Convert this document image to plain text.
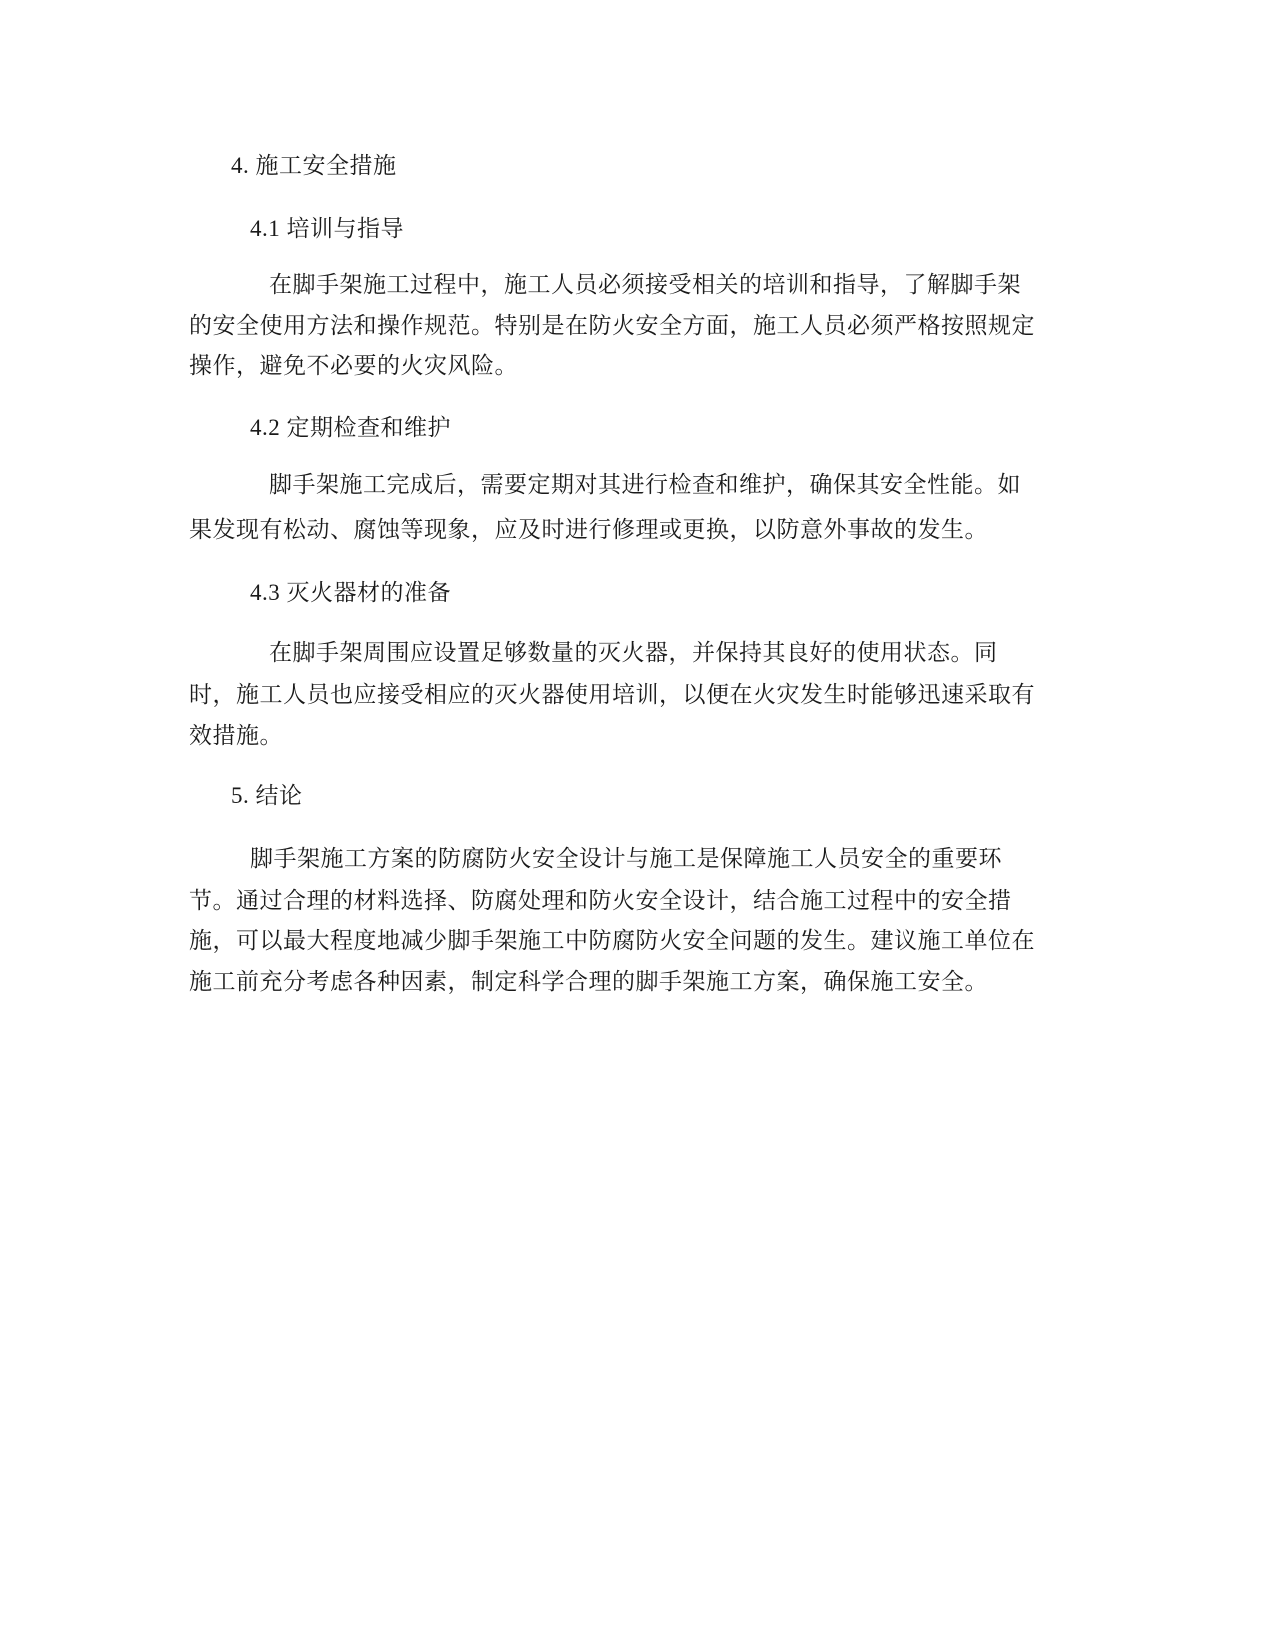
4. 施工安全措施
4.1 培训与指导
在脚手架施工过程中，施工人员必须接受相关的培训和指导，了解脚手架
的安全使用方法和操作规范。特别是在防火安全方面，施工人员必须严格按照规定
操作，避免不必要的火灾风险。
4.2 定期检查和维护
脚手架施工完成后，需要定期对其进行检查和维护，确保其安全性能。如
果发现有松动、腐蚀等现象，应及时进行修理或更换，以防意外事故的发生。
4.3 灭火器材的准备
在脚手架周围应设置足够数量的灭火器，并保持其良好的使用状态。同
时，施工人员也应接受相应的灭火器使用培训，以便在火灾发生时能够迅速采取有
效措施。
5. 结论
脚手架施工方案的防腐防火安全设计与施工是保障施工人员安全的重要环
节。通过合理的材料选择、防腐处理和防火安全设计，结合施工过程中的安全措
施，可以最大程度地减少脚手架施工中防腐防火安全问题的发生。建议施工单位在
施工前充分考虑各种因素，制定科学合理的脚手架施工方案，确保施工安全。
